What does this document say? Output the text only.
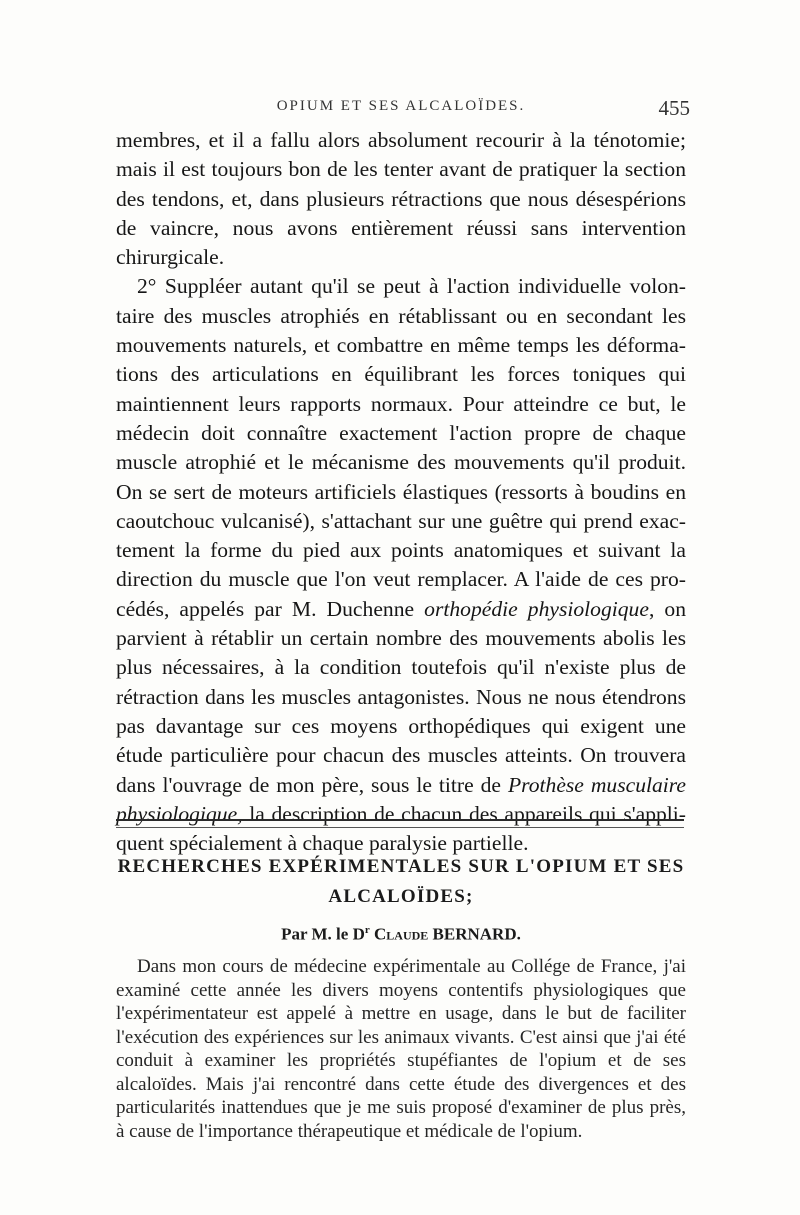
OPIUM ET SES ALCALOÏDES.	455

membres, et il a fallu alors absolument recourir à la ténotomie; mais il est toujours bon de les tenter avant de pratiquer la section des tendons, et, dans plusieurs rétractions que nous désespérions de vaincre, nous avons entièrement réussi sans intervention chirurgicale.

2° Suppléer autant qu'il se peut à l'action individuelle volontaire des muscles atrophiés en rétablissant ou en secondant les mouvements naturels, et combattre en même temps les déformations des articulations en équilibrant les forces toniques qui maintiennent leurs rapports normaux. Pour atteindre ce but, le médecin doit connaître exactement l'action propre de chaque muscle atrophié et le mécanisme des mouvements qu'il produit. On se sert de moteurs artificiels élastiques (ressorts à boudins en caoutchouc vulcanisé), s'attachant sur une guêtre qui prend exactement la forme du pied aux points anatomiques et suivant la direction du muscle que l'on veut remplacer. A l'aide de ces procédés, appelés par M. Duchenne orthopédie physiologique, on parvient à rétablir un certain nombre des mouvements abolis les plus nécessaires, à la condition toutefois qu'il n'existe plus de rétraction dans les muscles antagonistes. Nous ne nous étendrons pas davantage sur ces moyens orthopédiques qui exigent une étude particulière pour chacun des muscles atteints. On trouvera dans l'ouvrage de mon père, sous le titre de Prothèse musculaire physiologique, la description de chacun des appareils qui s'appliquent spécialement à chaque paralysie partielle.

RECHERCHES EXPÉRIMENTALES SUR L'OPIUM ET SES
ALCALOÏDES;
Par M. le $D^r$ Claude BERNARD.

Dans mon cours de médecine expérimentale au Collége de France, j'ai examiné cette année les divers moyens contentifs physiologiques que l'expérimentateur est appelé à mettre en usage, dans le but de faciliter l'exécution des expériences sur les animaux vivants. C'est ainsi que j'ai été conduit à examiner les propriétés stupéfiantes de l'opium et de ses alcaloïdes. Mais j'ai rencontré dans cette étude des divergences et des particularités inattendues que je me suis proposé d'examiner de plus près, à cause de l'importance thérapeutique et médicale de l'opium.
